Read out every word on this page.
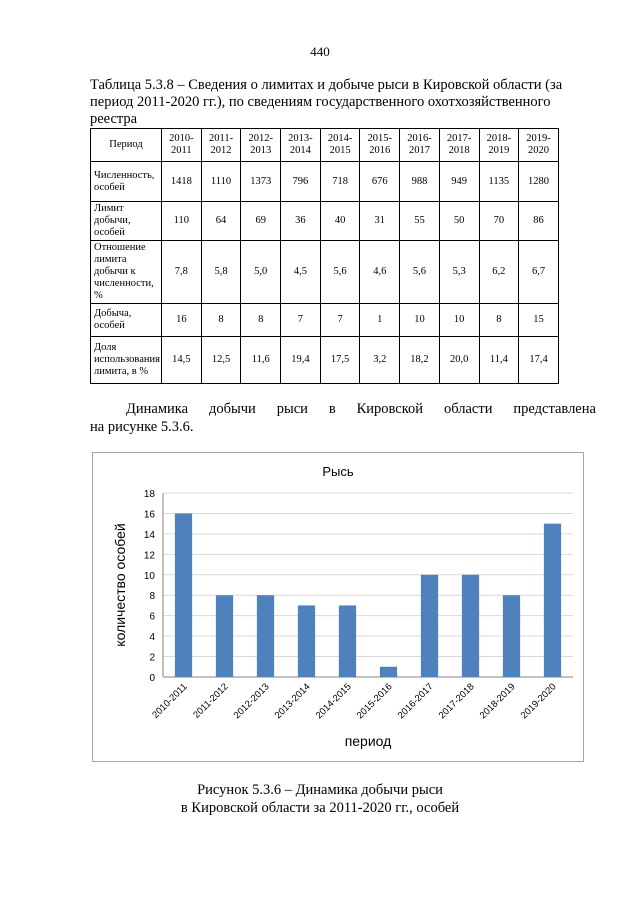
440
Таблица 5.3.8 – Сведения о лимитах и добыче рыси в Кировской области (за период 2011-2020 гг.), по сведениям государственного охотхозяйственного реестра
Период	2010-2011	2011-2012	2012-2013	2013-2014	2014-2015	2015-2016	2016-2017	2017-2018	2018-2019	2019-2020
Численность, особей	1418	1110	1373	796	718	676	988	949	1135	1280
Лимит добычи, особей	110	64	69	36	40	31	55	50	70	86
Отношение лимита добычи к численности, %	7,8	5,8	5,0	4,5	5,6	4,6	5,6	5,3	6,2	6,7
Добыча, особей	16	8	8	7	7	1	10	10	8	15
Доля использования лимита, в %	14,5	12,5	11,6	19,4	17,5	3,2	18,2	20,0	11,4	17,4
Динамика добычи рыси в Кировской области представлена
на рисунке 5.3.6.
Рысь
0
2
4
6
8
10
12
14
16
18
2010-2011 2011-2012 2012-2013 2013-2014 2014-2015 2015-2016 2016-2017 2017-2018 2018-2019 2019-2020
период
количество особей
Рисунок 5.3.6 – Динамика добычи рыси
в Кировской области за 2011-2020 гг., особей
